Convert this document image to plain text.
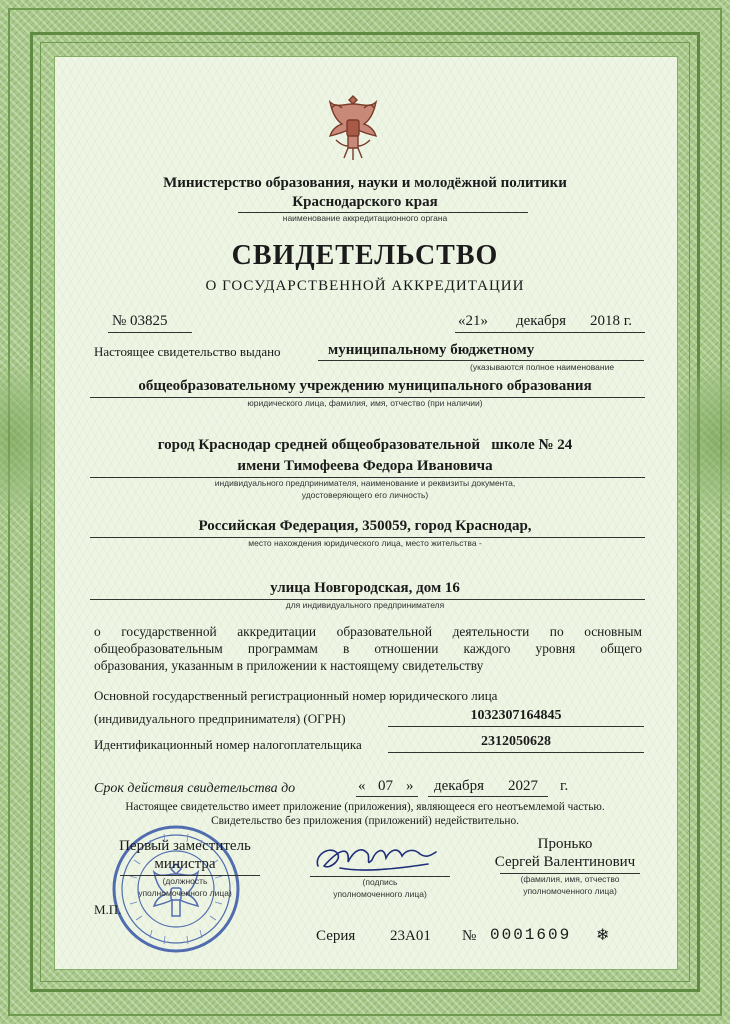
Министерство образования, науки и молодёжной политики
Краснодарского края
наименование аккредитационного органа
СВИДЕТЕЛЬСТВО
О ГОСУДАРСТВЕННОЙ АККРЕДИТАЦИИ
№ 03825	«21» декабря 2018 г.
Настоящее свидетельство выдано	муниципальному бюджетному
(указываются полное наименование
общеобразовательному учреждению муниципального образования
юридического лица, фамилия, имя, отчество (при наличии)
город Краснодар средней общеобразовательной   школе № 24
имени Тимофеева Федора Ивановича
индивидуального предпринимателя, наименование и реквизиты документа,
удостоверяющего его личность)
Российская Федерация, 350059, город Краснодар,
место нахождения юридического лица, место жительства -
улица Новгородская, дом 16
для индивидуального предпринимателя
о государственной аккредитации образовательной деятельности по основным
общеобразовательным программам в отношении каждого уровня общего
образования, указанным в приложении к настоящему свидетельству
Основной государственный регистрационный номер юридического лица
(индивидуального предпринимателя) (ОГРН)	1032307164845
Идентификационный номер налогоплательщика	2312050628
Срок действия свидетельства до	« 07 » декабря 2027 г.
Настоящее свидетельство имеет приложение (приложения), являющееся его неотъемлемой частью.
Свидетельство без приложения (приложений) недействительно.
Первый заместитель
министра
(должность
уполномоченного лица)
(подпись
уполномоченного лица)
Пронько
Сергей Валентинович
(фамилия, имя, отчество
уполномоченного лица)
М.П.
Серия 23А01 № 0001609 ❄
